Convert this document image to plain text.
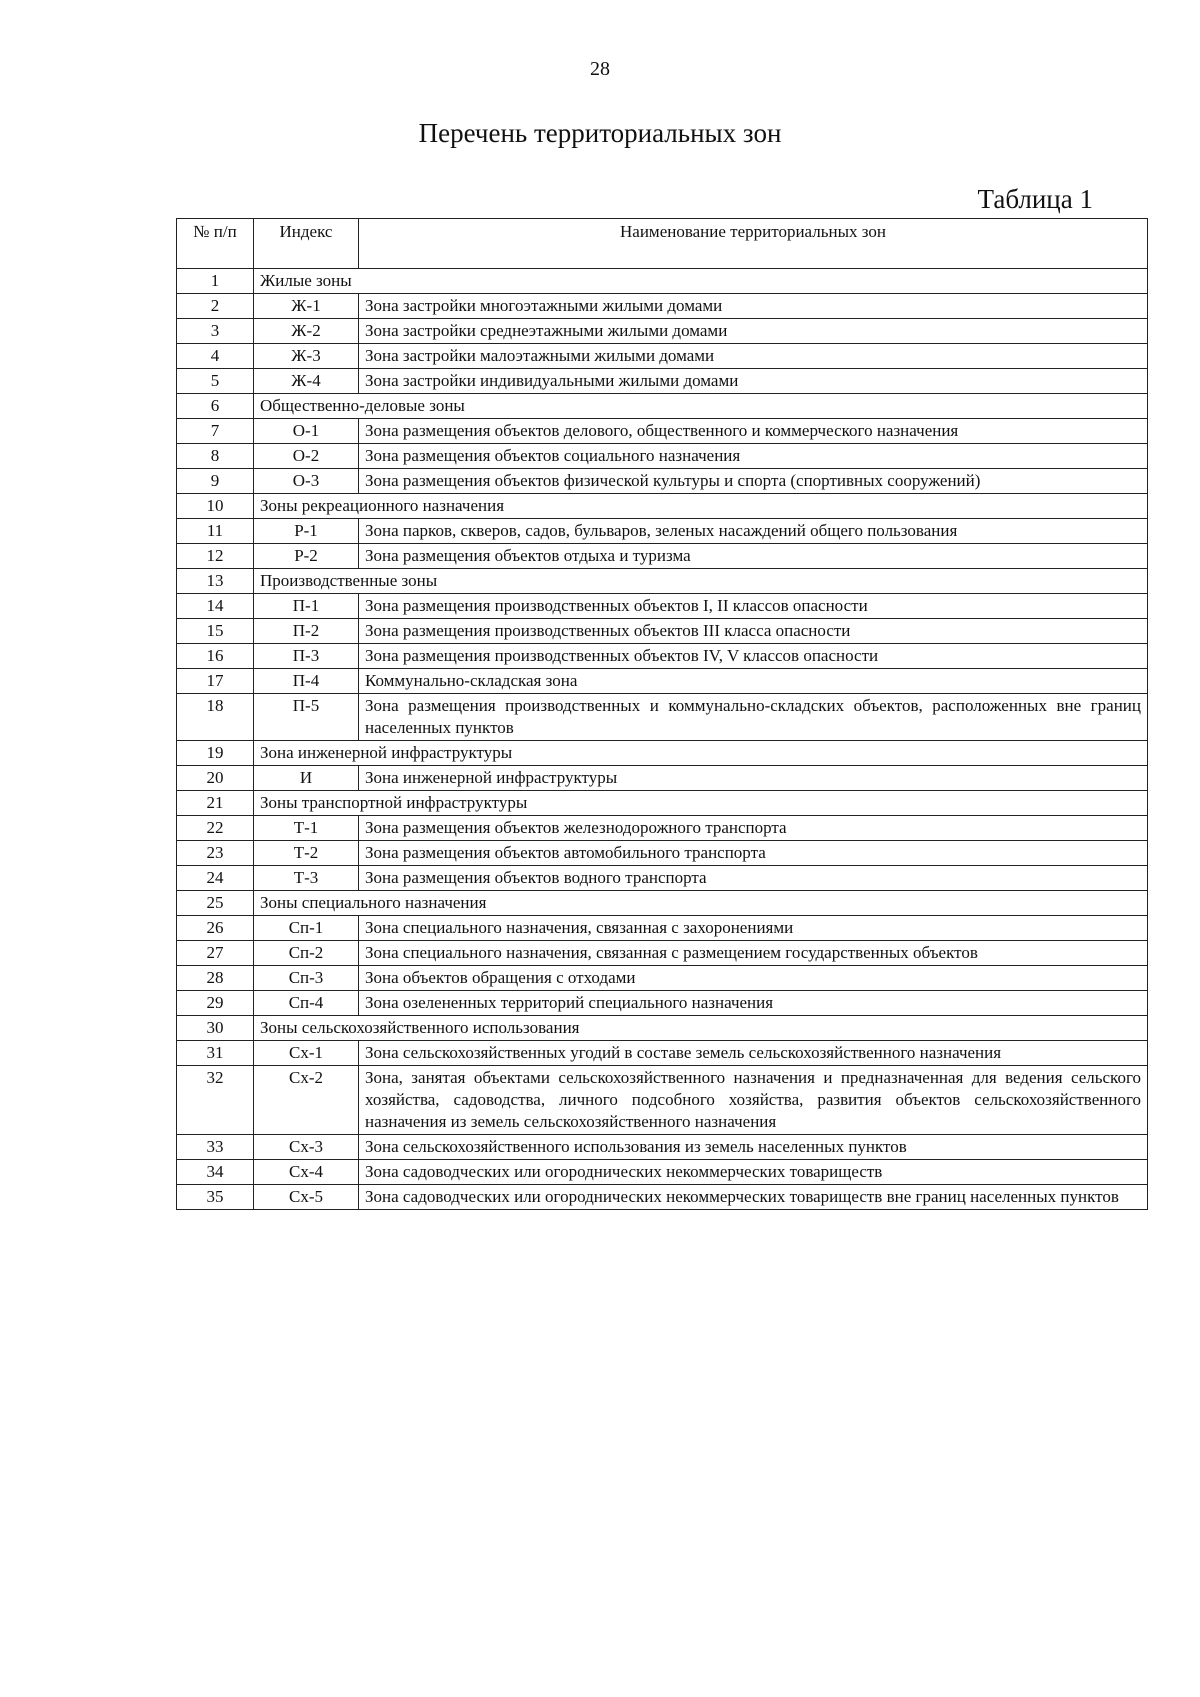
28
Перечень территориальных зон
Таблица 1
№ п/п	Индекс	Наименование территориальных зон
1	Жилые зоны	
2	Ж-1	Зона застройки многоэтажными жилыми домами
3	Ж-2	Зона застройки среднеэтажными жилыми домами
4	Ж-3	Зона застройки малоэтажными жилыми домами
5	Ж-4	Зона застройки индивидуальными жилыми домами
6	Общественно-деловые зоны	
7	О-1	Зона размещения объектов делового, общественного и коммерческого назначения
8	О-2	Зона размещения объектов социального назначения
9	О-3	Зона размещения объектов физической культуры и спорта (спортивных сооружений)
10	Зоны рекреационного назначения	
11	Р-1	Зона парков, скверов, садов, бульваров, зеленых насаждений общего пользования
12	Р-2	Зона размещения объектов отдыха и туризма
13	Производственные зоны	
14	П-1	Зона размещения производственных объектов I, II классов опасности
15	П-2	Зона размещения производственных объектов III класса опасности
16	П-3	Зона размещения производственных объектов IV, V классов опасности
17	П-4	Коммунально-складская зона
18	П-5	Зона размещения производственных и коммунально-складских объектов, расположенных вне границ населенных пунктов
19	Зона инженерной инфраструктуры	
20	И	Зона инженерной инфраструктуры
21	Зоны транспортной инфраструктуры	
22	Т-1	Зона размещения объектов железнодорожного транспорта
23	Т-2	Зона размещения объектов автомобильного транспорта
24	Т-3	Зона размещения объектов водного транспорта
25	Зоны специального назначения	
26	Сп-1	Зона специального назначения, связанная с захоронениями
27	Сп-2	Зона специального назначения, связанная с размещением государственных объектов
28	Сп-3	Зона объектов обращения с отходами
29	Сп-4	Зона озелененных территорий специального назначения
30	Зоны сельскохозяйственного использования	
31	Сх-1	Зона сельскохозяйственных угодий в составе земель сельскохозяйственного назначения
32	Сх-2	Зона, занятая объектами сельскохозяйственного назначения и предназначенная для ведения сельского хозяйства, садоводства, личного подсобного хозяйства, развития объектов сельскохозяйственного назначения из земель сельскохозяйственного назначения
33	Сх-3	Зона сельскохозяйственного использования из земель населенных пунктов
34	Сх-4	Зона садоводческих или огороднических некоммерческих товариществ
35	Сх-5	Зона садоводческих или огороднических некоммерческих товариществ вне границ населенных пунктов
